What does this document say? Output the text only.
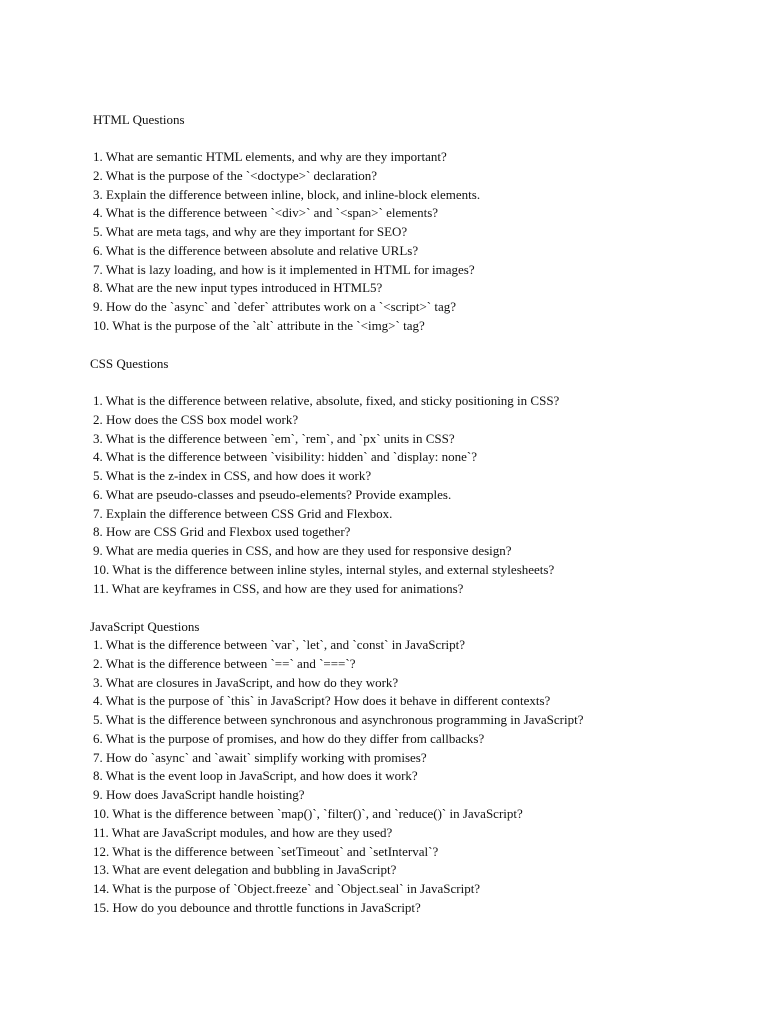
HTML Questions
1. What are semantic HTML elements, and why are they important?
2. What is the purpose of the `<doctype>` declaration?
3. Explain the difference between inline, block, and inline-block elements.
4. What is the difference between `<div>` and `<span>` elements?
5. What are meta tags, and why are they important for SEO?
6. What is the difference between absolute and relative URLs?
7. What is lazy loading, and how is it implemented in HTML for images?
8. What are the new input types introduced in HTML5?
9. How do the `async` and `defer` attributes work on a `<script>` tag?
10. What is the purpose of the `alt` attribute in the `<img>` tag?
CSS Questions
1. What is the difference between relative, absolute, fixed, and sticky positioning in CSS?
2. How does the CSS box model work?
3. What is the difference between `em`, `rem`, and `px` units in CSS?
4. What is the difference between `visibility: hidden` and `display: none`?
5. What is the z-index in CSS, and how does it work?
6. What are pseudo-classes and pseudo-elements? Provide examples.
7. Explain the difference between CSS Grid and Flexbox.
8. How are CSS Grid and Flexbox used together?
9. What are media queries in CSS, and how are they used for responsive design?
10. What is the difference between inline styles, internal styles, and external stylesheets?
11. What are keyframes in CSS, and how are they used for animations?
JavaScript Questions
1. What is the difference between `var`, `let`, and `const` in JavaScript?
2. What is the difference between `==` and `===`?
3. What are closures in JavaScript, and how do they work?
4. What is the purpose of `this` in JavaScript? How does it behave in different contexts?
5. What is the difference between synchronous and asynchronous programming in JavaScript?
6. What is the purpose of promises, and how do they differ from callbacks?
7. How do `async` and `await` simplify working with promises?
8. What is the event loop in JavaScript, and how does it work?
9. How does JavaScript handle hoisting?
10. What is the difference between `map()`, `filter()`, and `reduce()` in JavaScript?
11. What are JavaScript modules, and how are they used?
12. What is the difference between `setTimeout` and `setInterval`?
13. What are event delegation and bubbling in JavaScript?
14. What is the purpose of `Object.freeze` and `Object.seal` in JavaScript?
15. How do you debounce and throttle functions in JavaScript?
